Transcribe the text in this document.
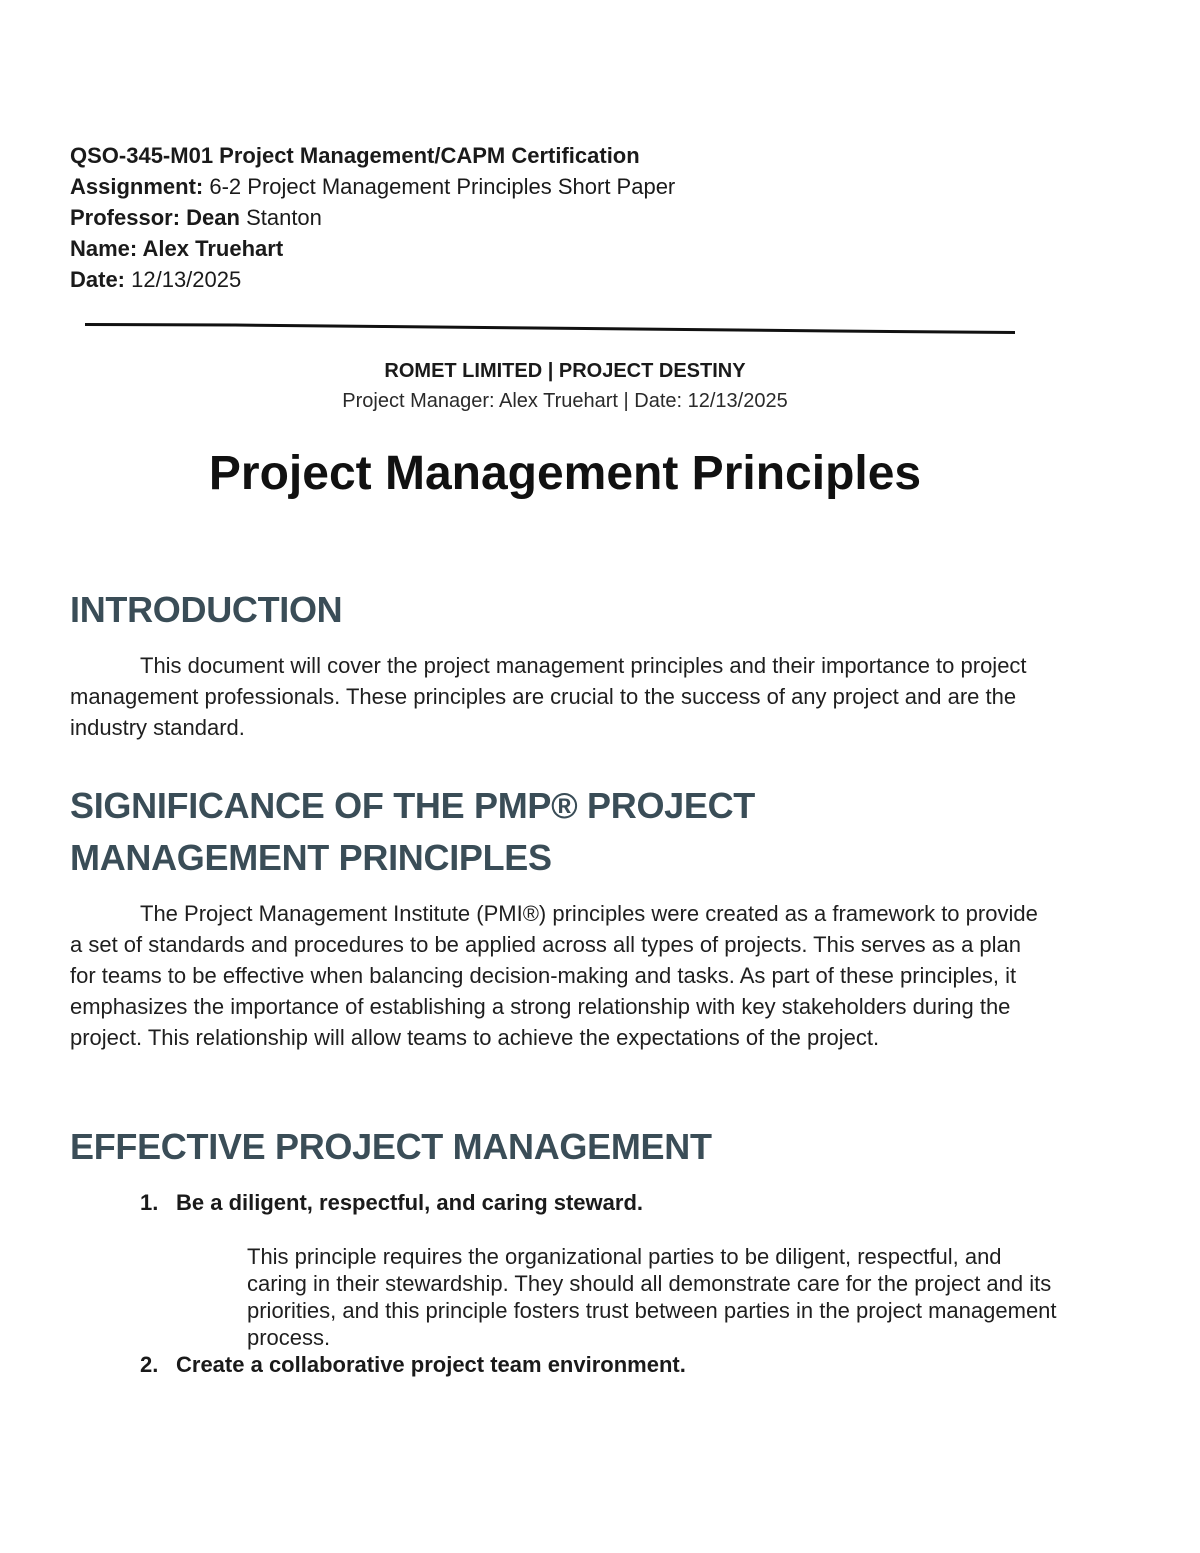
QSO-345-M01 Project Management/CAPM Certification
Assignment: 6-2 Project Management Principles Short Paper
Professor: Dean Stanton
Name: Alex Truehart
Date: 12/13/2025
ROMET LIMITED | PROJECT DESTINY
Project Manager: Alex Truehart | Date: 12/13/2025
Project Management Principles
INTRODUCTION
This document will cover the project management principles and their importance to project management professionals. These principles are crucial to the success of any project and are the industry standard.
SIGNIFICANCE OF THE PMP® PROJECT
MANAGEMENT PRINCIPLES
The Project Management Institute (PMI®) principles were created as a framework to provide a set of standards and procedures to be applied across all types of projects. This serves as a plan for teams to be effective when balancing decision-making and tasks. As part of these principles, it emphasizes the importance of establishing a strong relationship with key stakeholders during the project. This relationship will allow teams to achieve the expectations of the project.
EFFECTIVE PROJECT MANAGEMENT
1. Be a diligent, respectful, and caring steward.
This principle requires the organizational parties to be diligent, respectful, and caring in their stewardship. They should all demonstrate care for the project and its priorities, and this principle fosters trust between parties in the project management process.
2. Create a collaborative project team environment.
